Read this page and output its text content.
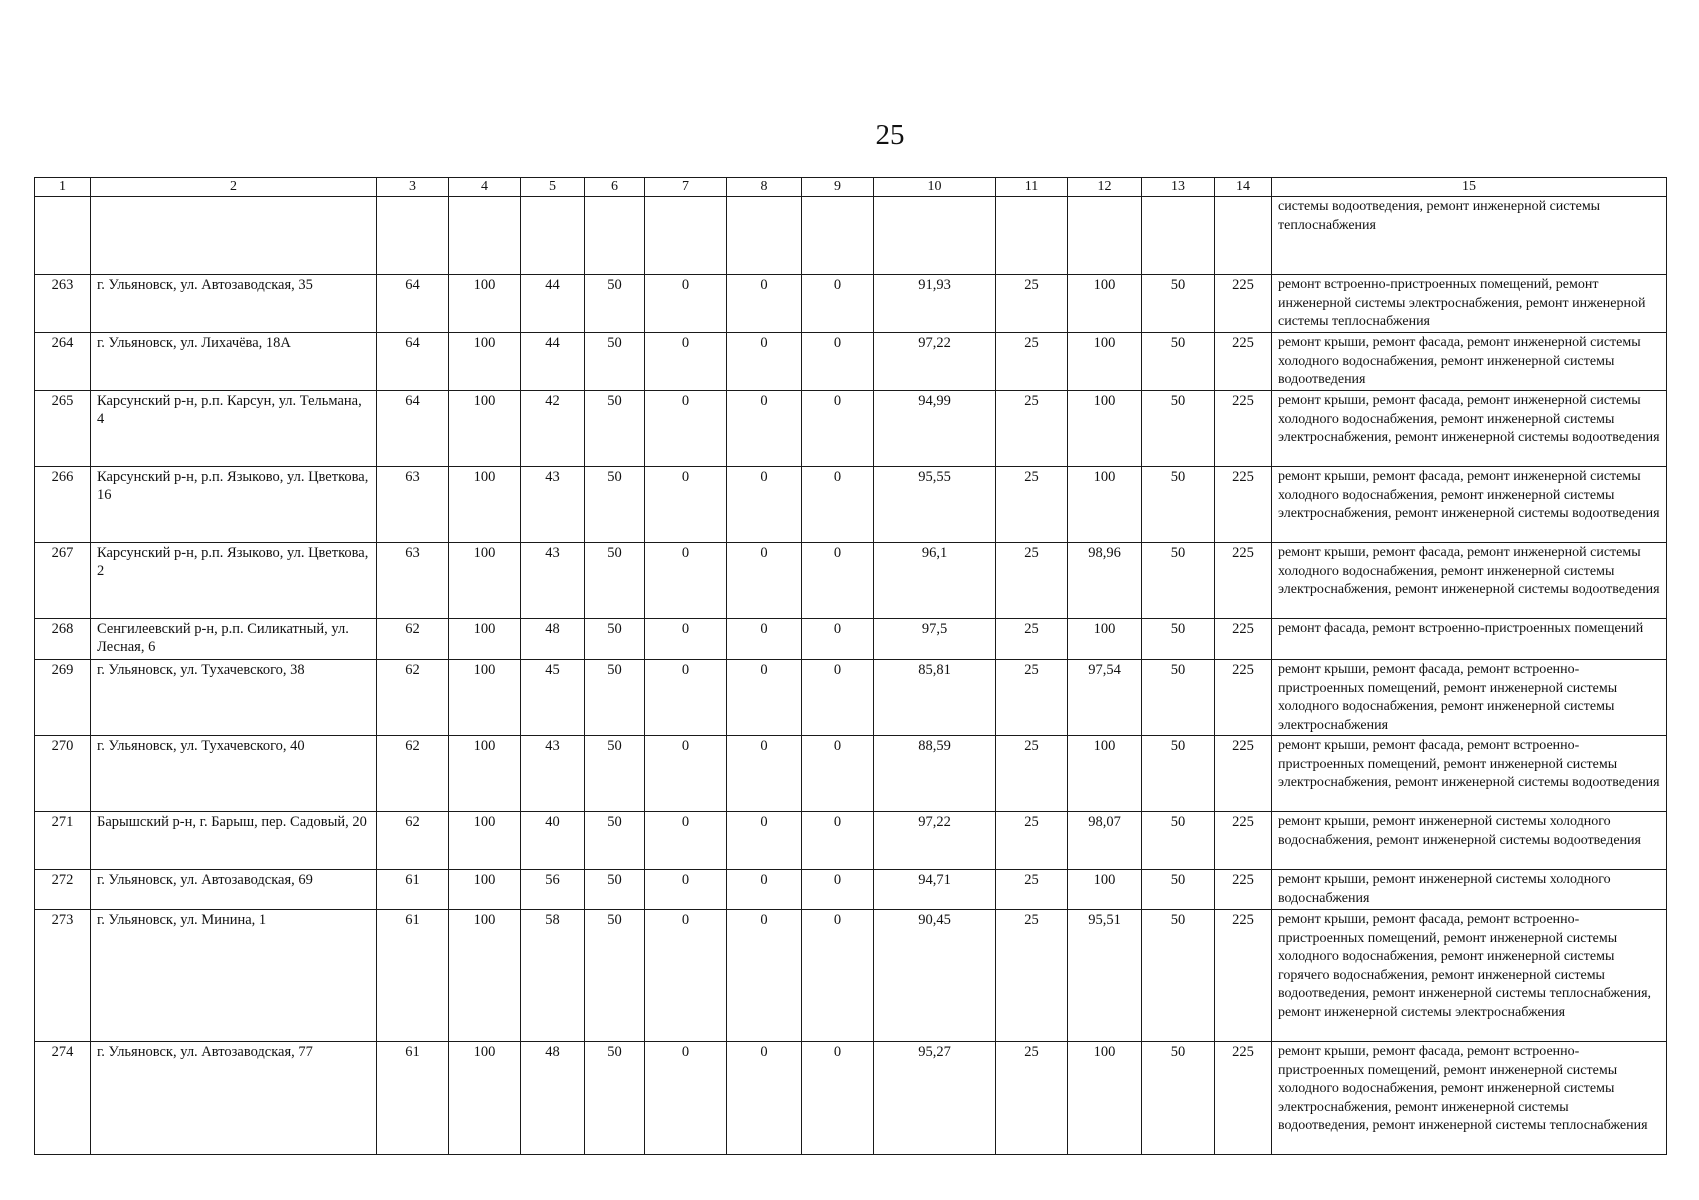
25
1	2	3	4	5	6	7	8	9	10	11	12	13	14	15
														системы водоотведения, ремонт инженерной системы теплоснабжения
263	г. Ульяновск, ул. Автозаводская, 35	64	100	44	50	0	0	0	91,93	25	100	50	225	ремонт встроенно-пристроенных помещений, ремонт инженерной системы электроснабжения, ремонт инженерной системы теплоснабжения
264	г. Ульяновск, ул. Лихачёва, 18А	64	100	44	50	0	0	0	97,22	25	100	50	225	ремонт крыши, ремонт фасада, ремонт инженерной системы холодного водоснабжения, ремонт инженерной системы водоотведения
265	Карсунский р-н, р.п. Карсун, ул. Тельмана, 4	64	100	42	50	0	0	0	94,99	25	100	50	225	ремонт крыши, ремонт фасада, ремонт инженерной системы холодного водоснабжения, ремонт инженерной системы электроснабжения, ремонт инженерной системы водоотведения
266	Карсунский р-н, р.п. Языково, ул. Цветкова, 16	63	100	43	50	0	0	0	95,55	25	100	50	225	ремонт крыши, ремонт фасада, ремонт инженерной системы холодного водоснабжения, ремонт инженерной системы электроснабжения, ремонт инженерной системы водоотведения
267	Карсунский р-н, р.п. Языково, ул. Цветкова, 2	63	100	43	50	0	0	0	96,1	25	98,96	50	225	ремонт крыши, ремонт фасада, ремонт инженерной системы холодного водоснабжения, ремонт инженерной системы электроснабжения, ремонт инженерной системы водоотведения
268	Сенгилеевский р-н, р.п. Силикатный, ул. Лесная, 6	62	100	48	50	0	0	0	97,5	25	100	50	225	ремонт фасада, ремонт встроенно-пристроенных помещений
269	г. Ульяновск, ул. Тухачевского, 38	62	100	45	50	0	0	0	85,81	25	97,54	50	225	ремонт крыши, ремонт фасада, ремонт встроенно-пристроенных помещений, ремонт инженерной системы холодного водоснабжения, ремонт инженерной системы электроснабжения
270	г. Ульяновск, ул. Тухачевского, 40	62	100	43	50	0	0	0	88,59	25	100	50	225	ремонт крыши, ремонт фасада, ремонт встроенно-пристроенных помещений, ремонт инженерной системы электроснабжения, ремонт инженерной системы водоотведения
271	Барышский р-н, г. Барыш, пер. Садовый, 20	62	100	40	50	0	0	0	97,22	25	98,07	50	225	ремонт крыши, ремонт инженерной системы холодного водоснабжения, ремонт инженерной системы водоотведения
272	г. Ульяновск, ул. Автозаводская, 69	61	100	56	50	0	0	0	94,71	25	100	50	225	ремонт крыши, ремонт инженерной системы холодного водоснабжения
273	г. Ульяновск, ул. Минина, 1	61	100	58	50	0	0	0	90,45	25	95,51	50	225	ремонт крыши, ремонт фасада, ремонт встроенно-пристроенных помещений, ремонт инженерной системы холодного водоснабжения, ремонт инженерной системы горячего водоснабжения, ремонт инженерной системы водоотведения, ремонт инженерной системы теплоснабжения, ремонт инженерной системы электроснабжения
274	г. Ульяновск, ул. Автозаводская, 77	61	100	48	50	0	0	0	95,27	25	100	50	225	ремонт крыши, ремонт фасада, ремонт встроенно-пристроенных помещений, ремонт инженерной системы холодного водоснабжения, ремонт инженерной системы электроснабжения, ремонт инженерной системы водоотведения, ремонт инженерной системы теплоснабжения
